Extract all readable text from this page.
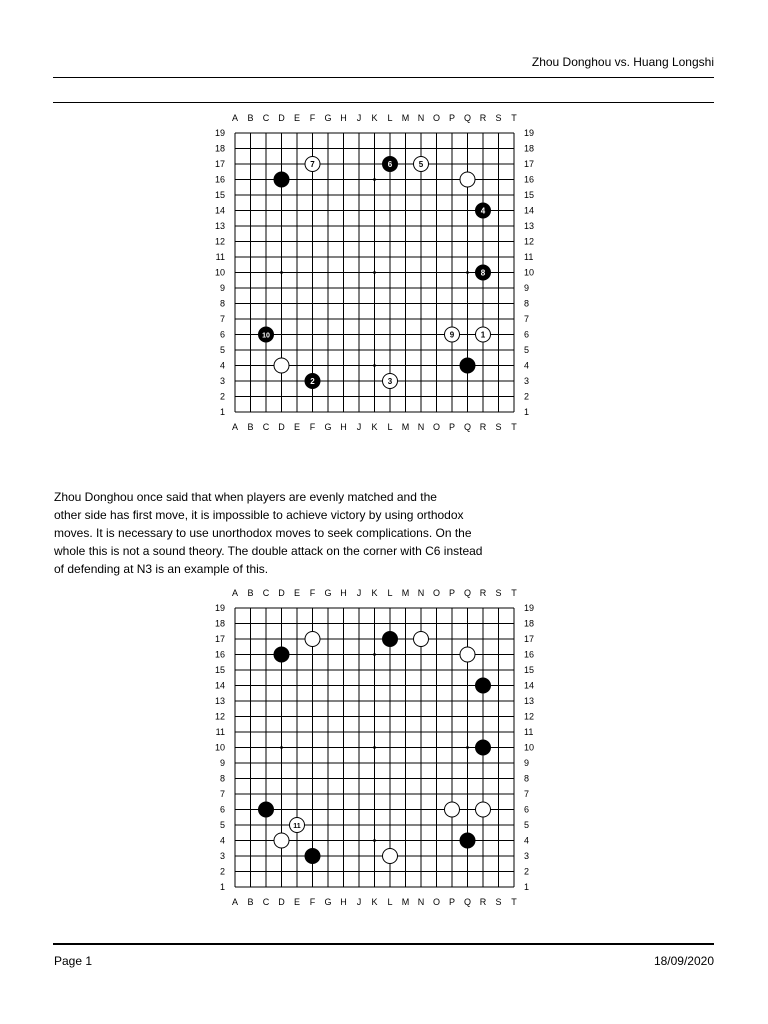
Zhou Donghou vs. Huang Longshi
A
A
B
B
C
C
D
D
E
E
F
F
G
G
H
H
J
J
K
K
L
L
M
M
N
N
O
O
P
P
Q
Q
R
R
S
S
T
T
1	1
2	2
3	3
4	4
5	5
6	6
7	7
8	8
9	9
10	10
11	11
12	12
13	13
14	14
15	15
16	16
17	17
18	18
19	19
1
2	3
4
5
6
7
8
9
10

Zhou Donghou once said that when players are evenly matched and the
other side has first move, it is impossible to achieve victory by using orthodox
moves. It is necessary to use unorthodox moves to seek complications. On the
whole this is not a sound theory. The double attack on the corner with C6 instead
of defending at N3 is an example of this.

A
A
B
B
C
C
D
D
E
E
F
F
G
G
H
H
J
J
K
K
L
L
M
M
N
N
O
O
P
P
Q
Q
R
R
S
S
T
T
1	1
2	2
3	3
4	4
5	5
6	6
7	7
8	8
9	9
10	10
11	11
12	12
13	13
14	14
15	15
16	16
17	17
18	18
19	19
11
Page 1	18/09/2020
